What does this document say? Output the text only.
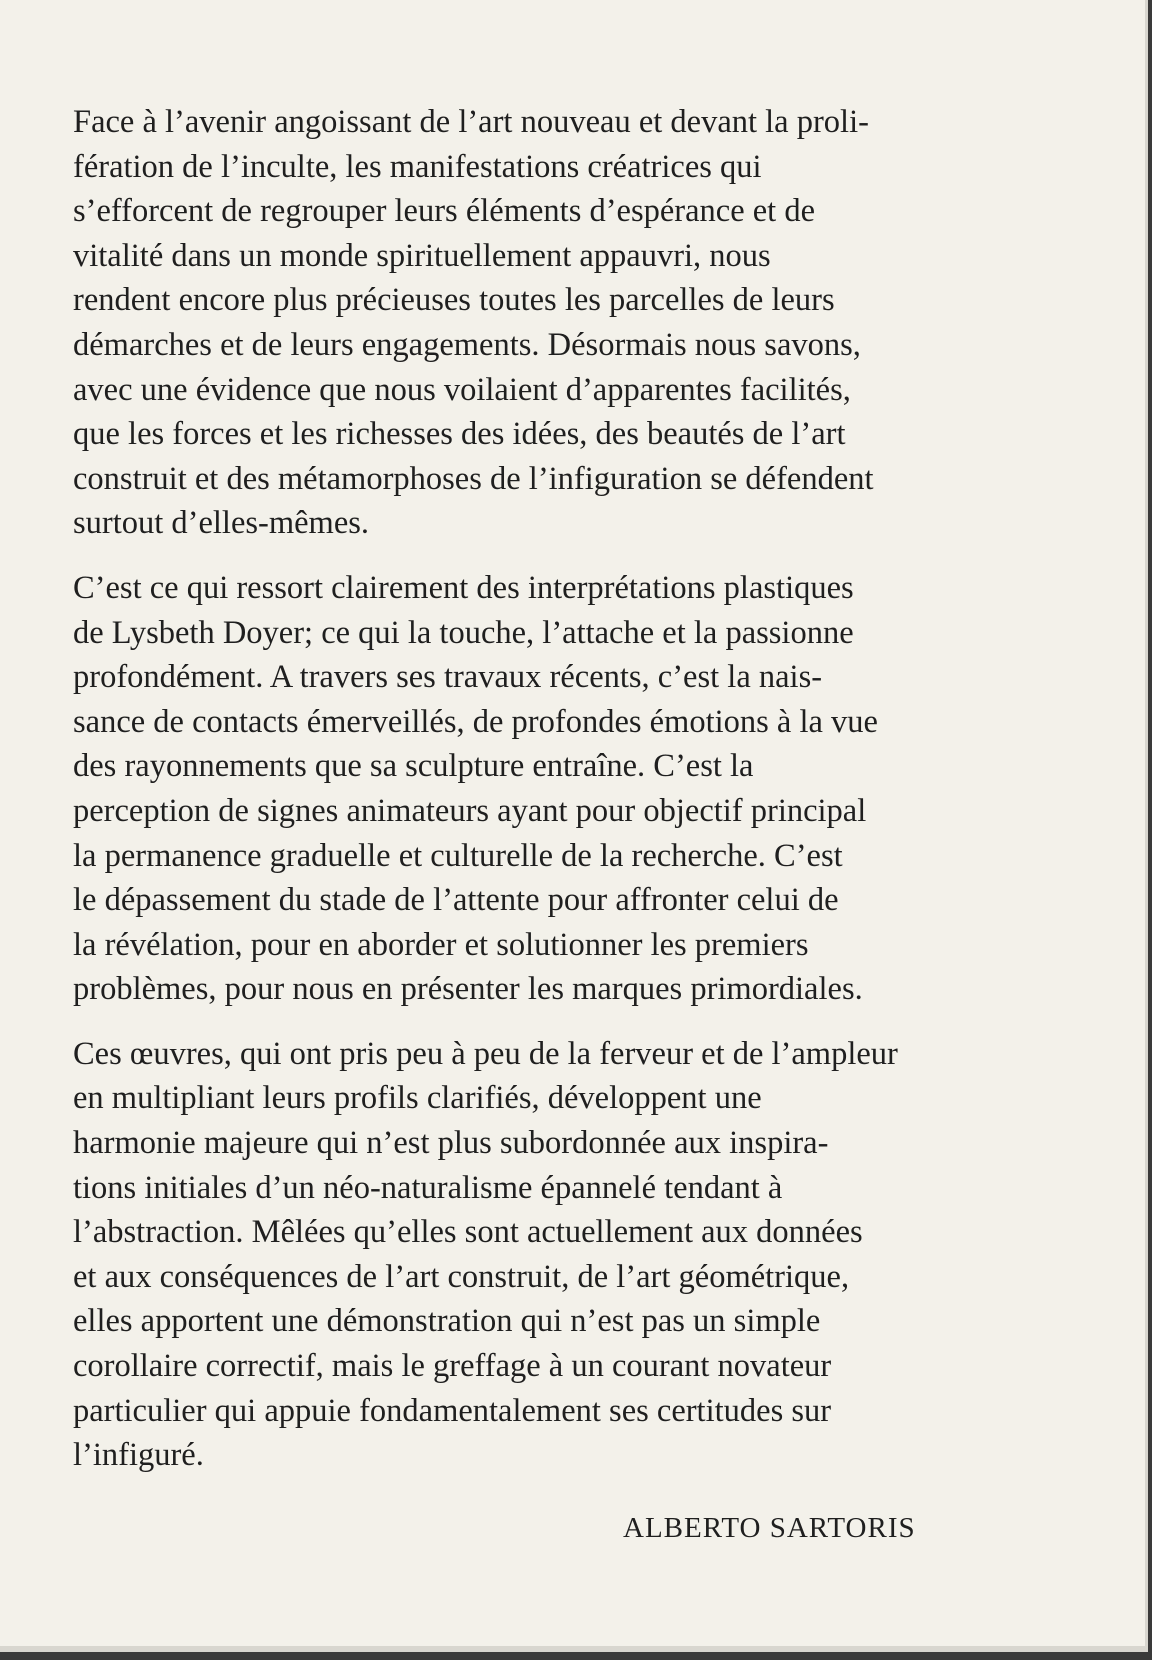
Face à l’avenir angoissant de l’art nouveau et devant la proli-
fération de l’inculte, les manifestations créatrices qui
s’efforcent de regrouper leurs éléments d’espérance et de
vitalité dans un monde spirituellement appauvri, nous
rendent encore plus précieuses toutes les parcelles de leurs
démarches et de leurs engagements. Désormais nous savons,
avec une évidence que nous voilaient d’apparentes facilités,
que les forces et les richesses des idées, des beautés de l’art
construit et des métamorphoses de l’infiguration se défendent
surtout d’elles-mêmes.

C’est ce qui ressort clairement des interprétations plastiques
de Lysbeth Doyer; ce qui la touche, l’attache et la passionne
profondément. A travers ses travaux récents, c’est la nais-
sance de contacts émerveillés, de profondes émotions à la vue
des rayonnements que sa sculpture entraîne. C’est la
perception de signes animateurs ayant pour objectif principal
la permanence graduelle et culturelle de la recherche. C’est
le dépassement du stade de l’attente pour affronter celui de
la révélation, pour en aborder et solutionner les premiers
problèmes, pour nous en présenter les marques primordiales.

Ces œuvres, qui ont pris peu à peu de la ferveur et de l’ampleur
en multipliant leurs profils clarifiés, développent une
harmonie majeure qui n’est plus subordonnée aux inspira-
tions initiales d’un néo-naturalisme épannelé tendant à
l’abstraction. Mêlées qu’elles sont actuellement aux données
et aux conséquences de l’art construit, de l’art géométrique,
elles apportent une démonstration qui n’est pas un simple
corollaire correctif, mais le greffage à un courant novateur
particulier qui appuie fondamentalement ses certitudes sur
l’infiguré.

ALBERTO SARTORIS
